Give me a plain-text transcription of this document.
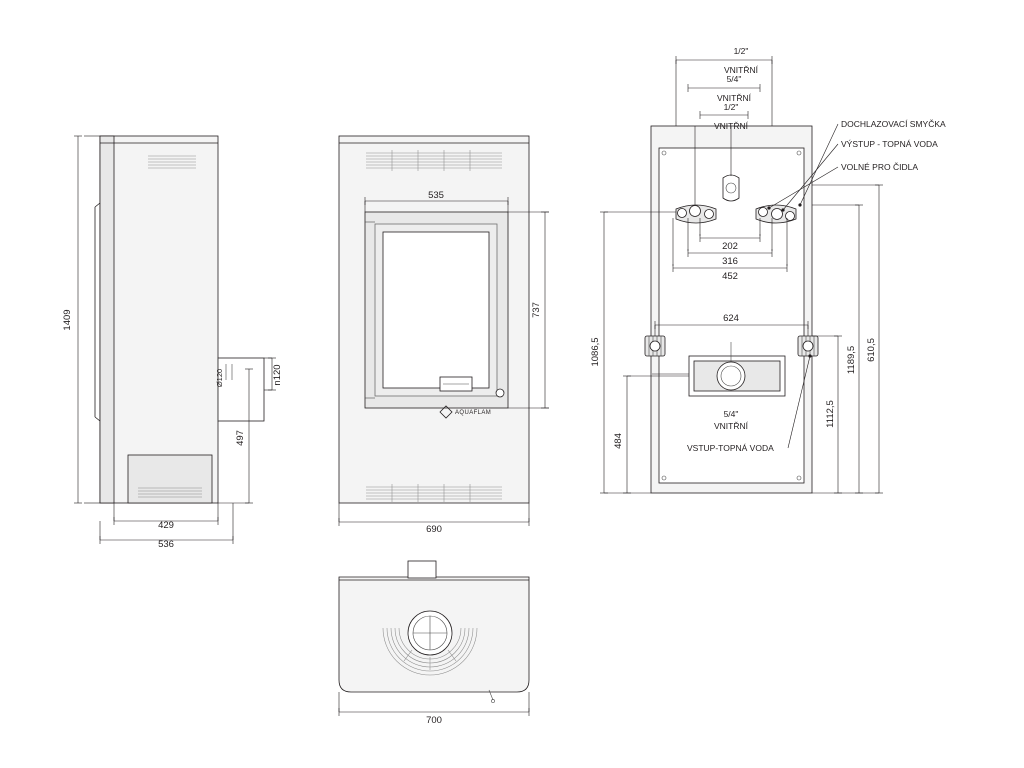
1409
497
n120
Ø120
429
536
AQUAFLAM
535
737
690
1/2"
VNITŘNÍ
5/4"
VNITŘNÍ
1/2"
VNITŘNÍ	DOCHLAZOVACÍ SMYČKA
VÝSTUP - TOPNÁ VODA
VOLNÉ PRO ČIDLA
202
316
452
624
1086,5
484
1189,5 610,5
1112,5
5/4"
VNITŘNÍ
VSTUP-TOPNÁ VODA
700
